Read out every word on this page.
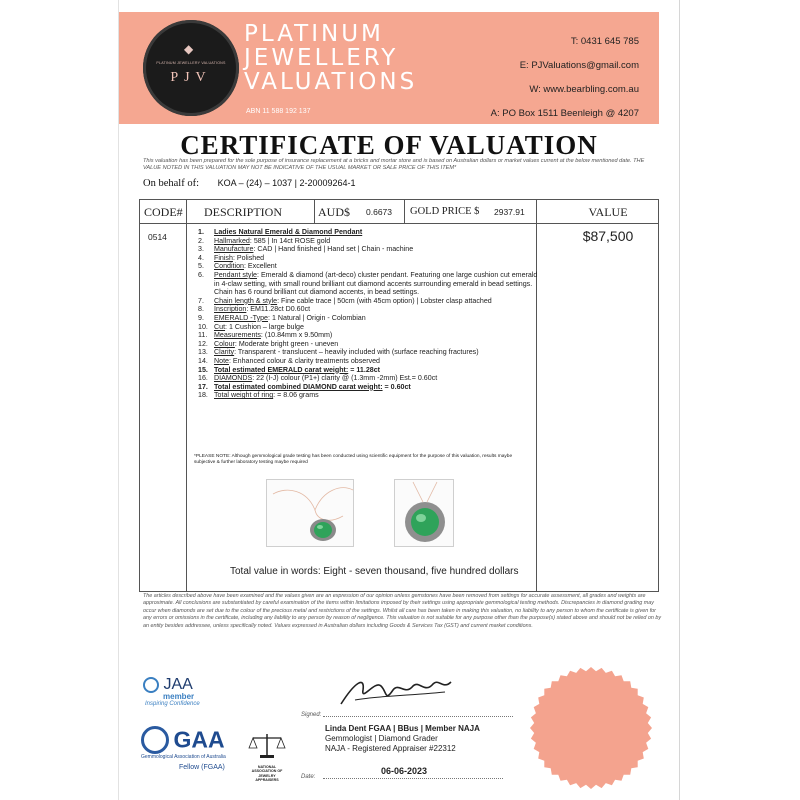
◆
PLATINUM JEWELLERY VALUATIONS
PJV
PLATINUM
JEWELLERY
VALUATIONS
ABN 11 588 192 137
T: 0431 645 785
E: PJValuations@gmail.com
W: www.bearbling.com.au
A: PO Box 1511 Beenleigh @ 4207
CERTIFICATE OF VALUATION
This valuation has been prepared for the sole purpose of insurance replacement at a bricks and mortar store and is based on Australian dollars or market values current at the below mentioned date. THE VALUE NOTED IN THIS VALUATION MAY NOT BE INDICATIVE OF THE USUAL MARKET OR SALE PRICE OF THIS ITEM*
On behalf of: KOA – (24) – 1037 | 2-20009264-1
CODE# DESCRIPTION	AUD$ 0.6673 GOLD PRICE $ 2937.91	VALUE
0514	$87,500
1.	Ladies Natural Emerald & Diamond Pendant
2.	Hallmarked: 585 | In 14ct ROSE gold
3.	Manufacture: CAD | Hand finished | Hand set | Chain - machine
4.	Finish: Polished
5.	Condition: Excellent
6.	Pendant style: Emerald & diamond (art-deco) cluster pendant. Featuring one large cushion cut emerald in 4-claw setting, with small round brilliant cut diamond accents surrounding emerald in bead settings. Chain has 6 round brilliant cut diamond accents, in bead settings.
7.	Chain length & style: Fine cable trace | 50cm (with 45cm option) | Lobster clasp attached
8.	Inscription: EM11.28ct D0.60ct
9.	EMERALD -Type: 1 Natural | Origin - Colombian
10. Cut: 1 Cushion – large bulge
11. Measurements: (10.84mm x 9.50mm)
12. Colour: Moderate bright green - uneven
13. Clarity: Transparent - translucent – heavily included with (surface reaching fractures)
14. Note: Enhanced colour & clarity treatments observed
15. Total estimated EMERALD carat weight: = 11.28ct
16. DIAMONDS: 22 (I-J) colour (P1+) clarity @ (1.3mm -2mm) Est.= 0.60ct
17. Total estimated combined DIAMOND carat weight: = 0.60ct
18. Total weight of ring: = 8.06 grams
*PLEASE NOTE: Although gemmological grade testing has been conducted using scientific equipment for the purpose of this valuation, results maybe subjective & further laboratory testing maybe required
Total value in words: Eight - seven thousand, five hundred dollars
The articles described above have been examined and the values given are an expression of our opinion unless gemstones have been removed from settings for accurate assessment, all grades and weights are approximate. All conclusions are substantiated by careful examination of the items within limitations imposed by their settings using appropriate gemmological testing methods. Discrepancies in diamond grading may occur when diamonds are set due to the colour of the precious metal and restrictions of the settings. Whilst all care has been taken in making this valuation, no liability to any person to whom the certificate is given for any errors or omissions in the certificate, including any liability to any person by reason of negligence. This valuation is not suitable for any purpose other than the purpose(s) stated above and should not be relied on by an entity besides addressee, unless specifically noted. Values expressed in Australian dollars including Goods & Services Tax (GST) and current market conditions.
JAA
member
Inspiring Confidence
GAA
Gemmological Association of Australia
Fellow (FGAA)	NATIONAL ASSOCIATION OF JEWELRY APPRAISERS
Signed:
Linda Dent FGAA | BBus | Member NAJA
Gemmologist | Diamond Grader
NAJA - Registered Appraiser #22312
06-06-2023
Date:
